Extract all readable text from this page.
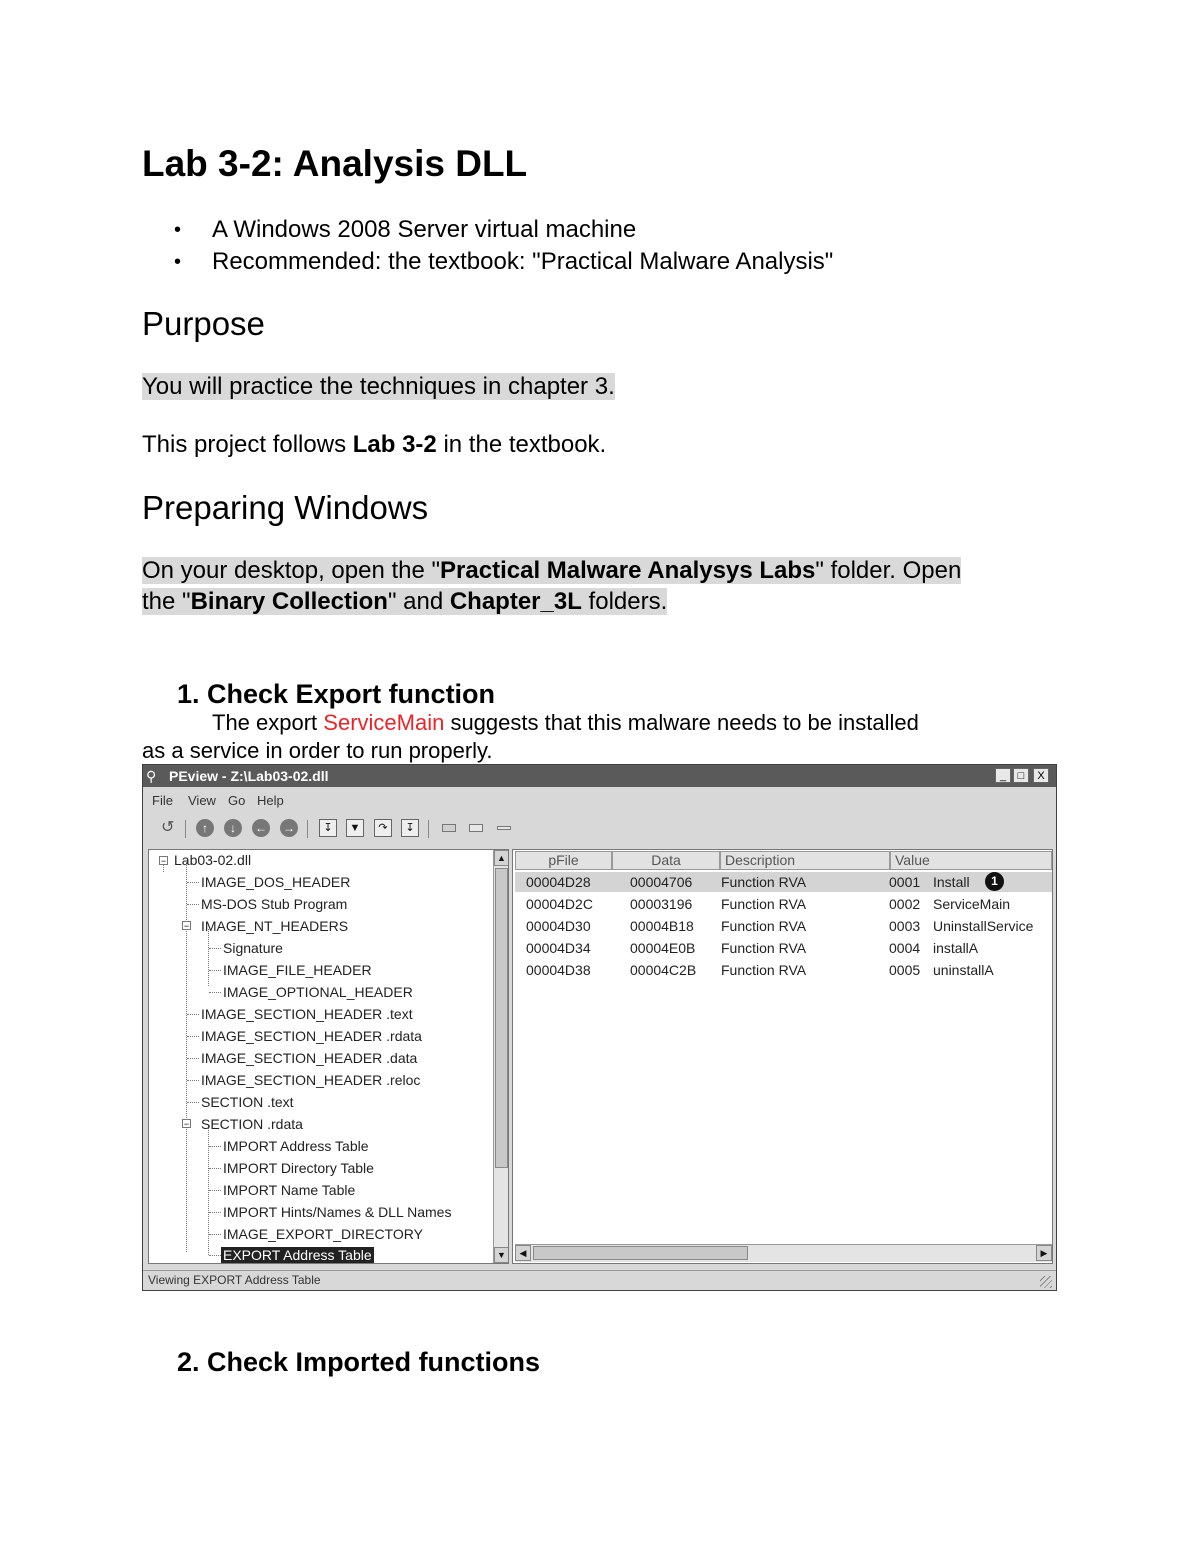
Lab 3-2: Analysis DLL
• A Windows 2008 Server virtual machine
• Recommended: the textbook: "Practical Malware Analysis"
Purpose
You will practice the techniques in chapter 3.
This project follows Lab 3-2 in the textbook.
Preparing Windows
On your desktop, open the "Practical Malware Analysys Labs" folder. Open
the "Binary Collection" and Chapter_3L folders.
1. Check Export function
The export ServiceMain suggests that this malware needs to be installed
as a service in order to run properly.
⚲ PEview - Z:\Lab03-02.dll	_	□	X
File View Go Help
↺	↑	↓	← →	↧	▼	↷	↧
− Lab03-02.dll
IMAGE_DOS_HEADER
MS-DOS Stub Program
− IMAGE_NT_HEADERS
Signature
IMAGE_FILE_HEADER
IMAGE_OPTIONAL_HEADER
IMAGE_SECTION_HEADER .text
IMAGE_SECTION_HEADER .rdata
IMAGE_SECTION_HEADER .data
IMAGE_SECTION_HEADER .reloc
SECTION .text
− SECTION .rdata
IMPORT Address Table
IMPORT Directory Table
IMPORT Name Table
IMPORT Hints/Names & DLL Names
IMAGE_EXPORT_DIRECTORY
EXPORT Address Table
▲
▼
pFile	Data	Description	Value
00004D28	00004706 Function RVA	0001 Install	1
00004D2C	00003196 Function RVA	0002 ServiceMain
00004D30	00004B18 Function RVA	0003 UninstallService
00004D34	00004E0B Function RVA	0004 installA
00004D38	00004C2B Function RVA	0005 uninstallA
◀	▶
Viewing EXPORT Address Table
2. Check Imported functions
